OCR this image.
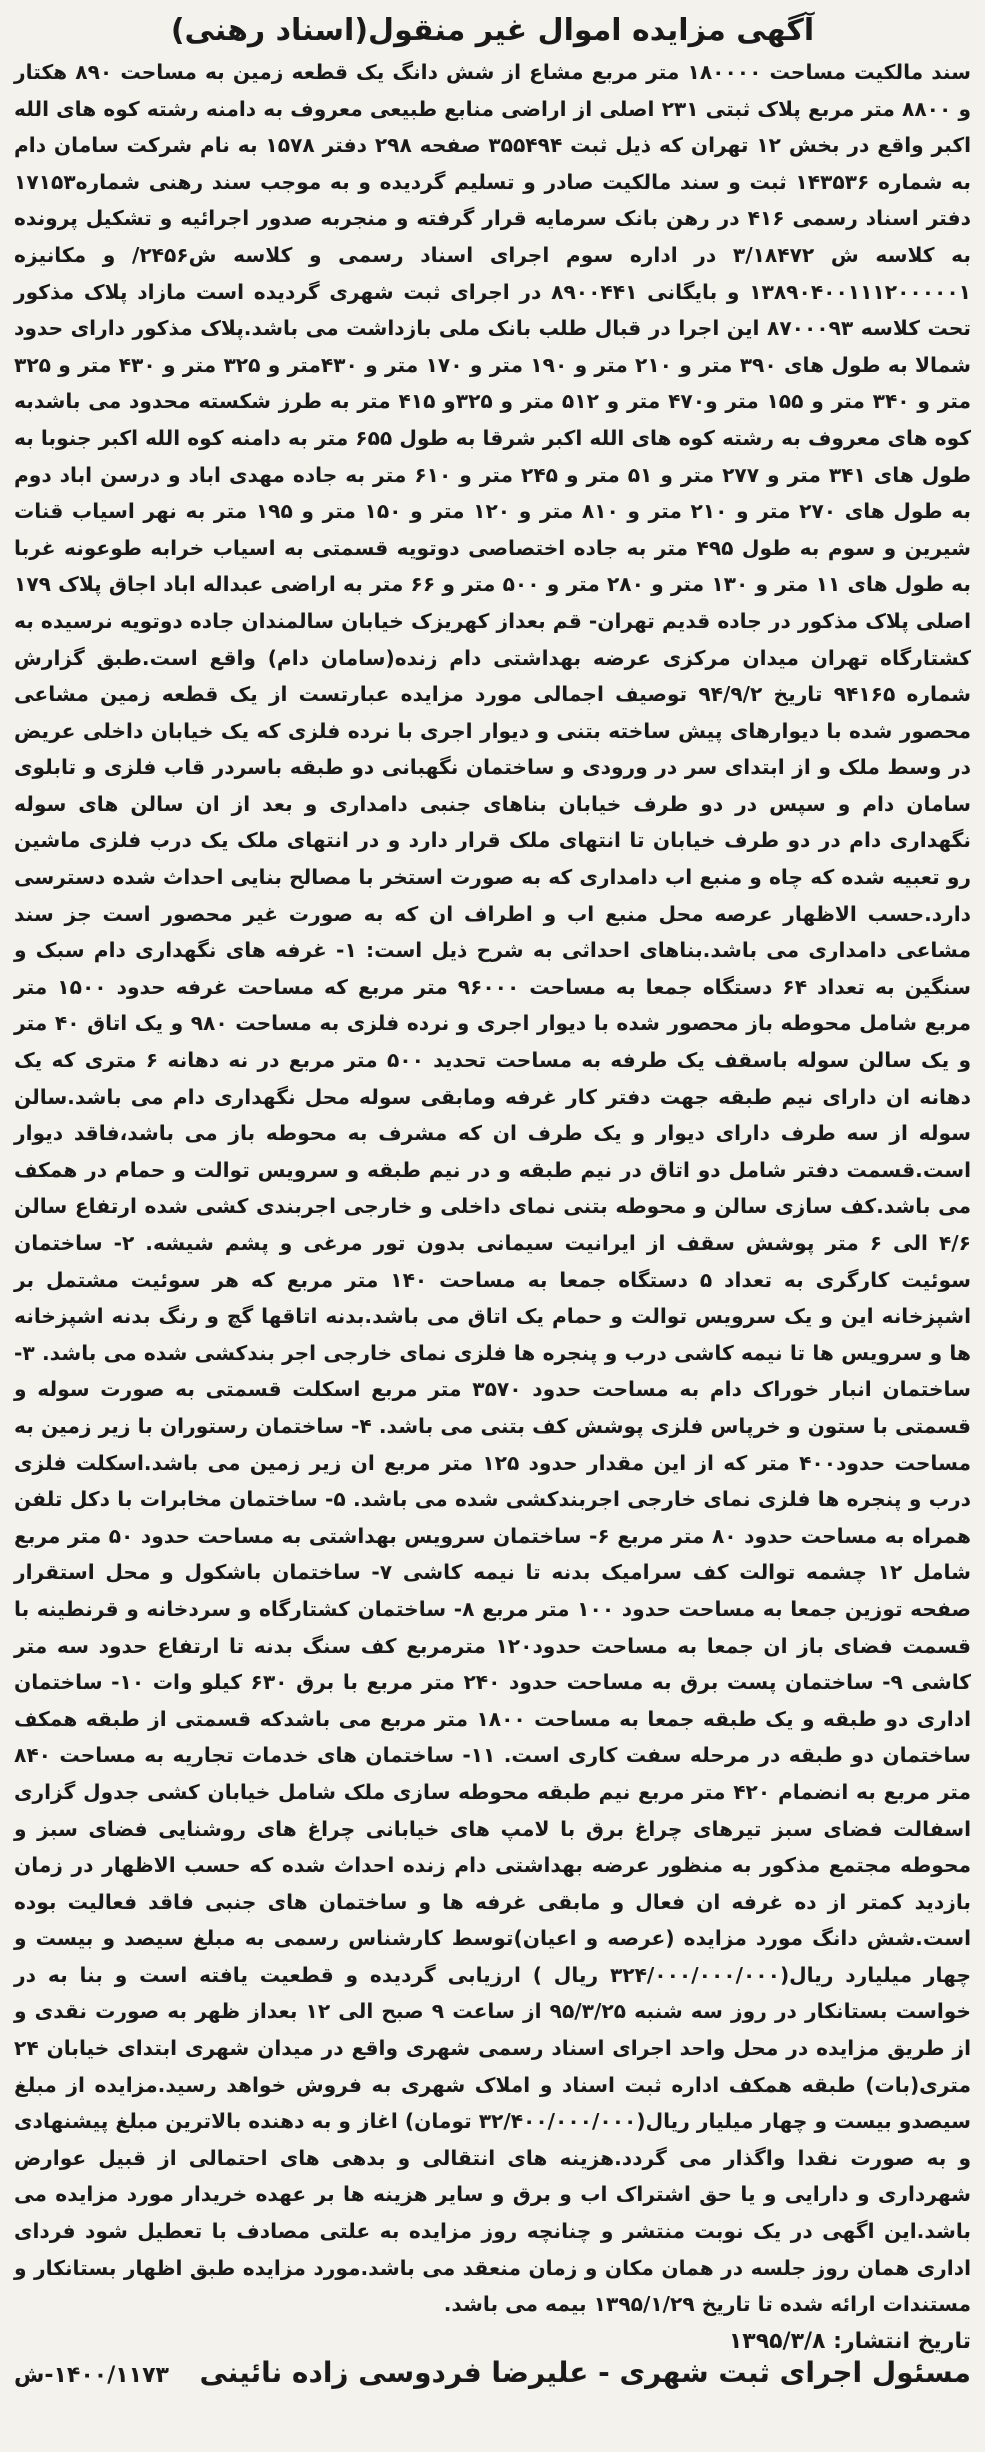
آگهی مزایده اموال غیر منقول(اسناد رهنی)

سند مالکیت مساحت ۱۸۰۰۰۰ متر مربع مشاع از شش دانگ یک قطعه زمین به مساحت ۸۹۰ هکتار و ۸۸۰۰ متر مربع پلاک ثبتی ۲۳۱ اصلی از اراضی منابع طبیعی معروف به دامنه رشته کوه های الله اکبر واقع در بخش ۱۲ تهران که ذیل ثبت ۳۵۵۴۹۴ صفحه ۲۹۸ دفتر ۱۵۷۸ به نام شرکت سامان دام به شماره ۱۴۳۵۳۶ ثبت و سند مالکیت صادر و تسلیم گردیده و به موجب سند رهنی شماره۱۷۱۵۳ دفتر اسناد رسمی ۴۱۶ در رهن بانک سرمایه قرار گرفته و منجربه صدور اجرائیه و تشکیل پرونده به کلاسه ش ۳/۱۸۴۷۲ در اداره سوم اجرای اسناد رسمی و کلاسه ش۲۴۵۶/ و مکانیزه ۱۳۸۹۰۴۰۰۱۱۱۲۰۰۰۰۰۱ و بایگانی ۸۹۰۰۴۴۱ در اجرای ثبت شهری گردیده است مازاد پلاک مذکور تحت کلاسه ۸۷۰۰۰۹۳ این اجرا در قبال طلب بانک ملی بازداشت می باشد.پلاک مذکور دارای حدود شمالا به طول های ۳۹۰ متر و ۲۱۰ متر و ۱۹۰ متر و ۱۷۰ متر و ۴۳۰متر و ۳۲۵ متر و ۴۳۰ متر و ۳۲۵ متر و ۳۴۰ متر و ۱۵۵ متر و۴۷۰ متر و ۵۱۲ متر و ۳۲۵و ۴۱۵ متر به طرز شکسته محدود می باشدبه کوه های معروف به رشته کوه های الله اکبر شرقا به طول ۶۵۵ متر به دامنه کوه الله اکبر جنوبا به طول های ۳۴۱ متر و ۲۷۷ متر و ۵۱ متر و ۲۴۵ متر و ۶۱۰ متر به جاده مهدی اباد و درسن اباد دوم به طول های ۲۷۰ متر و ۲۱۰ متر و ۸۱۰ متر و ۱۲۰ متر و ۱۵۰ متر و ۱۹۵ متر به نهر اسیاب قنات شیرین و سوم به طول ۴۹۵ متر به جاده اختصاصی دوتویه قسمتی به اسیاب خرابه طوعونه غربا به طول های ۱۱ متر و ۱۳۰ متر و ۲۸۰ متر و ۵۰۰ متر و ۶۶ متر به اراضی عبداله اباد اجاق پلاک ۱۷۹ اصلی پلاک مذکور در جاده قدیم تهران- قم بعداز کهریزک خیابان سالمندان جاده دوتویه نرسیده به کشتارگاه تهران میدان مرکزی عرضه بهداشتی دام زنده(سامان دام) واقع است.طبق گزارش شماره ۹۴۱۶۵ تاریخ ۹۴/۹/۲ توصیف اجمالی مورد مزایده عبارتست از یک قطعه زمین مشاعی محصور شده با دیوارهای پیش ساخته بتنی و دیوار اجری با نرده فلزی که یک خیابان داخلی عریض در وسط ملک و از ابتدای سر در ورودی و ساختمان نگهبانی دو طبقه باسردر قاب فلزی و تابلوی سامان دام و سپس در دو طرف خیابان بناهای جنبی دامداری و بعد از ان سالن های سوله نگهداری دام در دو طرف خیابان تا انتهای ملک قرار دارد و در انتهای ملک یک درب فلزی ماشین رو تعبیه شده که چاه و منبع اب دامداری که به صورت استخر با مصالح بنایی احداث شده دسترسی دارد.حسب الاظهار عرصه محل منبع اب و اطراف ان که به صورت غیر محصور است جز سند مشاعی دامداری می باشد.بناهای احداثی به شرح ذیل است: ۱- غرفه های نگهداری دام سبک و سنگین به تعداد ۶۴ دستگاه جمعا به مساحت ۹۶۰۰۰ متر مربع که مساحت غرفه حدود ۱۵۰۰ متر مربع شامل محوطه باز محصور شده با دیوار اجری و نرده فلزی به مساحت ۹۸۰ و یک اتاق ۴۰ متر و یک سالن سوله باسقف یک طرفه به مساحت تحدید ۵۰۰ متر مربع در نه دهانه ۶ متری که یک دهانه ان دارای نیم طبقه جهت دفتر کار غرفه ومابقی سوله محل نگهداری دام می باشد.سالن سوله از سه طرف دارای دیوار و یک طرف ان که مشرف به محوطه باز می باشد،فاقد دیوار است.قسمت دفتر شامل دو اتاق در نیم طبقه و در نیم طبقه و سرویس توالت و حمام در همکف می باشد.کف سازی سالن و محوطه بتنی نمای داخلی و خارجی اجربندی کشی شده ارتفاع سالن ۴/۶ الی ۶ متر پوشش سقف از ایرانیت سیمانی بدون تور مرغی و پشم شیشه. ۲- ساختمان سوئیت کارگری به تعداد ۵ دستگاه جمعا به مساحت ۱۴۰ متر مربع که هر سوئیت مشتمل بر اشپزخانه این و یک سرویس توالت و حمام یک اتاق می باشد.بدنه اتاقها گچ و رنگ بدنه اشپزخانه ها و سرویس ها تا نیمه کاشی درب و پنجره ها فلزی نمای خارجی اجر بندکشی شده می باشد. ۳- ساختمان انبار خوراک دام به مساحت حدود ۳۵۷۰ متر مربع اسکلت قسمتی به صورت سوله و قسمتی با ستون و خرپاس فلزی پوشش کف بتنی می باشد. ۴- ساختمان رستوران با زیر زمین به مساحت حدود۴۰۰ متر که از این مقدار حدود ۱۲۵ متر مربع ان زیر زمین می باشد.اسکلت فلزی درب و پنجره ها فلزی نمای خارجی اجربندکشی شده می باشد. ۵- ساختمان مخابرات با دکل تلفن همراه به مساحت حدود ۸۰ متر مربع ۶- ساختمان سرویس بهداشتی به مساحت حدود ۵۰ متر مربع شامل ۱۲ چشمه توالت کف سرامیک بدنه تا نیمه کاشی ۷- ساختمان باشکول و محل استقرار صفحه توزین جمعا به مساحت حدود ۱۰۰ متر مربع ۸- ساختمان کشتارگاه و سردخانه و قرنطینه با قسمت فضای باز ان جمعا به مساحت حدود۱۲۰ مترمربع کف سنگ بدنه تا ارتفاع حدود سه متر کاشی ۹- ساختمان پست برق به مساحت حدود ۲۴۰ متر مربع با برق ۶۳۰ کیلو وات ۱۰- ساختمان اداری دو طبقه و یک طبقه جمعا به مساحت ۱۸۰۰ متر مربع می باشدکه قسمتی از طبقه همکف ساختمان دو طبقه در مرحله سفت کاری است. ۱۱- ساختمان های خدمات تجاریه به مساحت ۸۴۰ متر مربع به انضمام ۴۲۰ متر مربع نیم طبقه محوطه سازی ملک شامل خیابان کشی جدول گزاری اسفالت فضای سبز تیرهای چراغ برق با لامپ های خیابانی چراغ های روشنایی فضای سبز و محوطه مجتمع مذکور به منظور عرضه بهداشتی دام زنده احداث شده که حسب الاظهار در زمان بازدید کمتر از ده غرفه ان فعال و مابقی غرفه ها و ساختمان های جنبی فاقد فعالیت بوده است.شش دانگ مورد مزایده (عرصه و اعیان)توسط کارشناس رسمی به مبلغ سیصد و بیست و چهار میلیارد ریال(۳۲۴/۰۰۰/۰۰۰/۰۰۰ ریال ) ارزیابی گردیده و قطعیت یافته است و بنا به در خواست بستانکار در روز سه شنبه ۹۵/۳/۲۵ از ساعت ۹ صبح الی ۱۲ بعداز ظهر به صورت نقدی و از طریق مزایده در محل واحد اجرای اسناد رسمی شهری واقع در میدان شهری ابتدای خیابان ۲۴ متری(بات) طبقه همکف اداره ثبت اسناد و املاک شهری به فروش خواهد رسید.مزایده از مبلغ سیصدو بیست و چهار میلیار ریال(۳۲/۴۰۰/۰۰۰/۰۰۰ تومان) اغاز و به دهنده بالاترین مبلغ پیشنهادی و به صورت نقدا واگذار می گردد.هزینه های انتقالی و بدهی های احتمالی از قبیل عوارض شهرداری و دارایی و یا حق اشتراک اب و برق و سایر هزینه ها بر عهده خریدار مورد مزایده می باشد.این اگهی در یک نوبت منتشر و چنانچه روز مزایده به علتی مصادف با تعطیل شود فردای اداری همان روز جلسه در همان مکان و زمان منعقد می باشد.مورد مزایده طبق اظهار بستانکار و مستندات ارائه شده تا تاریخ ۱۳۹۵/۱/۲۹ بیمه می باشد.

تاریخ انتشار: ۱۳۹۵/۳/۸
مسئول اجرای ثبت شهری - علیرضا فردوسی زاده نائینی
۱۴۰۰/۱۱۷۳-ش
